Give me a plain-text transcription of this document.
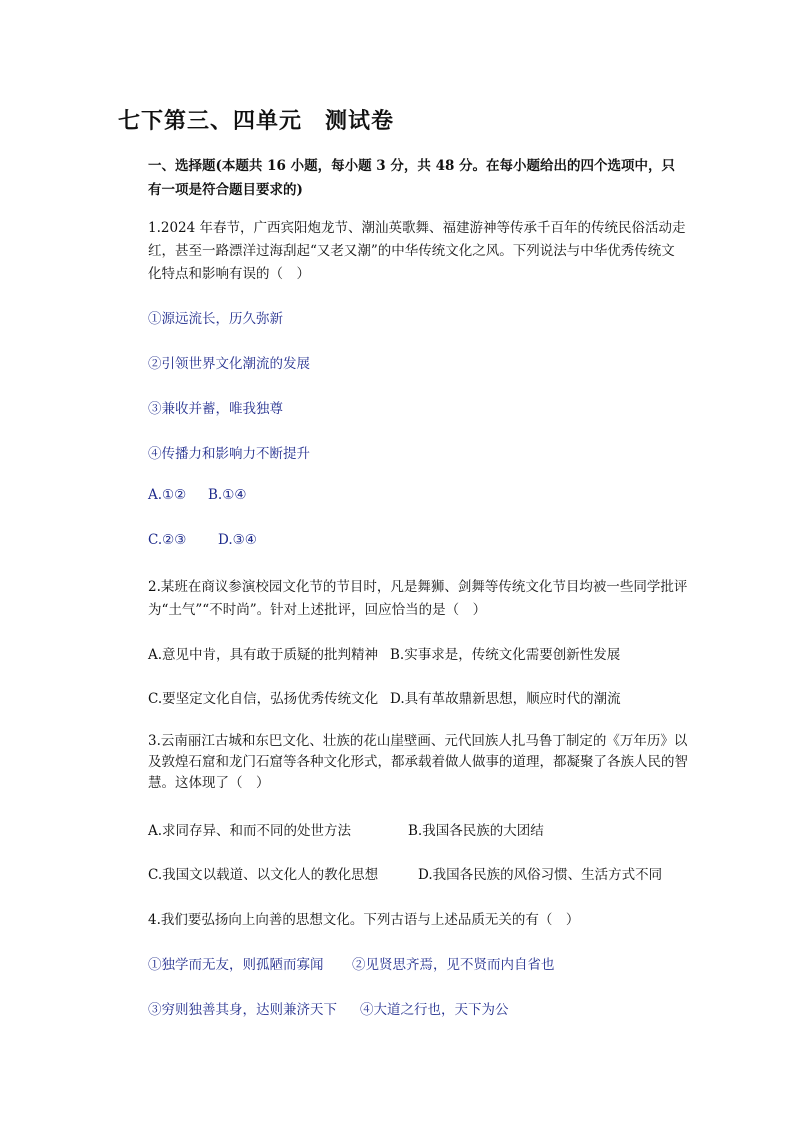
七下第三、四单元　测试卷
一、选择题(本题共 16 小题，每小题 3 分，共 48 分。在每小题给出的四个选项中，只有一项是符合题目要求的)
1.2024 年春节，广西宾阳炮龙节、潮汕英歌舞、福建游神等传承千百年的传统民俗活动走红，甚至一路漂洋过海刮起“又老又潮”的中华传统文化之风。下列说法与中华优秀传统文化特点和影响有误的（　）
①源远流长，历久弥新
②引领世界文化潮流的发展
③兼收并蓄，唯我独尊
④传播力和影响力不断提升
A.①② B.①④
C.②③ D.③④
2.某班在商议参演校园文化节的节目时，凡是舞狮、剑舞等传统文化节目均被一些同学批评为“土气”“不时尚”。针对上述批评，回应恰当的是（　）
A.意见中肯，具有敢于质疑的批判精神 B.实事求是，传统文化需要创新性发展
C.要坚定文化自信，弘扬优秀传统文化 D.具有革故鼎新思想，顺应时代的潮流
3.云南丽江古城和东巴文化、壮族的花山崖壁画、元代回族人扎马鲁丁制定的《万年历》以及敦煌石窟和龙门石窟等各种文化形式，都承载着做人做事的道理，都凝聚了各族人民的智慧。这体现了（　）
A.求同存异、和而不同的处世方法	B.我国各民族的大团结
C.我国文以载道、以文化人的教化思想	D.我国各民族的风俗习惯、生活方式不同
4.我们要弘扬向上向善的思想文化。下列古语与上述品质无关的有（　）
①独学而无友，则孤陋而寡闻 ②见贤思齐焉，见不贤而内自省也
③穷则独善其身，达则兼济天下 ④大道之行也，天下为公
